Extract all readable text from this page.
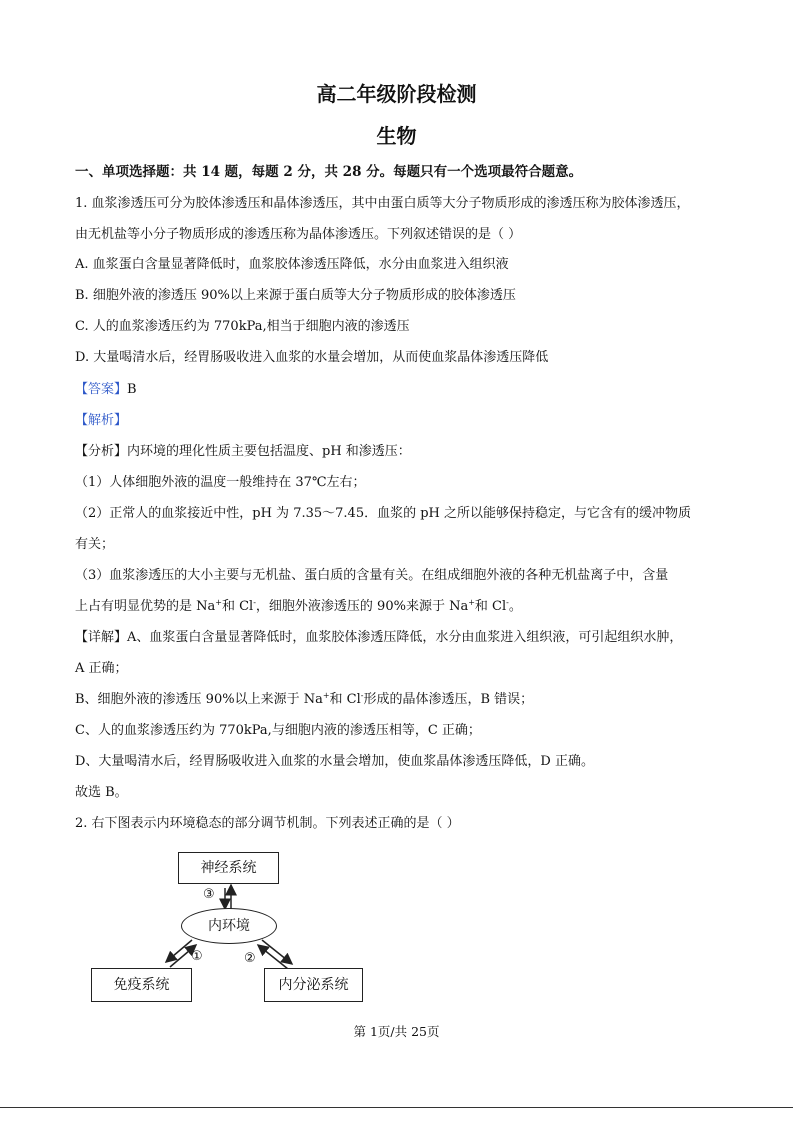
高二年级阶段检测
生物
一、单项选择题：共 14 题，每题 2 分，共 28 分。每题只有一个选项最符合题意。
1. 血浆渗透压可分为胶体渗透压和晶体渗透压，其中由蛋白质等大分子物质形成的渗透压称为胶体渗透压，
由无机盐等小分子物质形成的渗透压称为晶体渗透压。下列叙述错误的是（ ）
A. 血浆蛋白含量显著降低时，血浆胶体渗透压降低，水分由血浆进入组织液
B. 细胞外液的渗透压 90%以上来源于蛋白质等大分子物质形成的胶体渗透压
C. 人的血浆渗透压约为 770kPa,相当于细胞内液的渗透压
D. 大量喝清水后，经胃肠吸收进入血浆的水量会增加，从而使血浆晶体渗透压降低
【答案】B
【解析】
【分析】内环境的理化性质主要包括温度、pH 和渗透压：
（1）人体细胞外液的温度一般维持在 37℃左右；
（2）正常人的血浆接近中性，pH 为 7.35～7.45．血浆的 pH 之所以能够保持稳定，与它含有的缓冲物质
有关；
（3）血浆渗透压的大小主要与无机盐、蛋白质的含量有关。在组成细胞外液的各种无机盐离子中，含量
上占有明显优势的是 Na+和 Cl-，细胞外液渗透压的 90%来源于 Na+和 Cl-。
【详解】A、血浆蛋白含量显著降低时，血浆胶体渗透压降低，水分由血浆进入组织液，可引起组织水肿，
A 正确；
B、细胞外液的渗透压 90%以上来源于 Na+和 Cl-形成的晶体渗透压，B 错误；
C、人的血浆渗透压约为 770kPa,与细胞内液的渗透压相等，C 正确；
D、大量喝清水后，经胃肠吸收进入血浆的水量会增加，使血浆晶体渗透压降低，D 正确。
故选 B。
2. 右下图表示内环境稳态的部分调节机制。下列表述正确的是（ ）
神经系统
内环境
免疫系统	内分泌系统
③
①	②
第 1页/共 25页
